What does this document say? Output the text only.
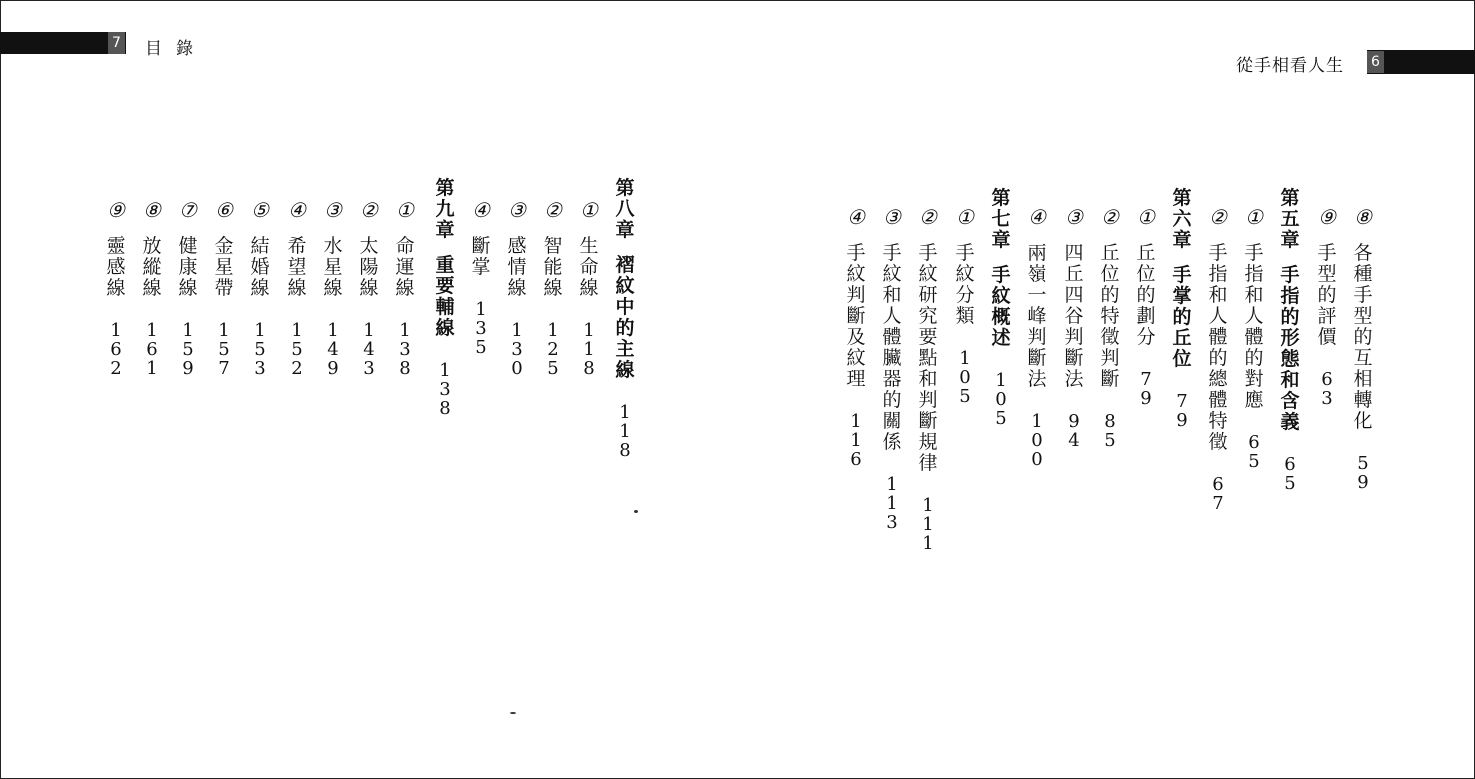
7 目錄
從手相看人生 6
第八章
褶紋中的主線
118
①
生命線
118
②
智能線
125
③
感情線
130
④
斷掌
135
第九章
重要輔線
138
①
命運線
138
②
太陽線
143
③
水星線
149
④
希望線
152
⑤
結婚線
153
⑥
金星帶
157
⑦
健康線
159
⑧
放縱線
161
⑨
靈感線
162
⑧
各種手型的互相轉化
59
⑨
手型的評價
63
第五章
手指的形態和含義
65
①
手指和人體的對應
65
②
手指和人體的總體特徵
67
第六章
手掌的丘位
79
①
丘位的劃分
79
②
丘位的特徵判斷
85
③
四丘四谷判斷法
94
④
兩嶺一峰判斷法
100
第七章
手紋概述
105
①
手紋分類
105
②
手紋研究要點和判斷規律
111
③
手紋和人體臟器的關係
113
④
手紋判斷及紋理
116
